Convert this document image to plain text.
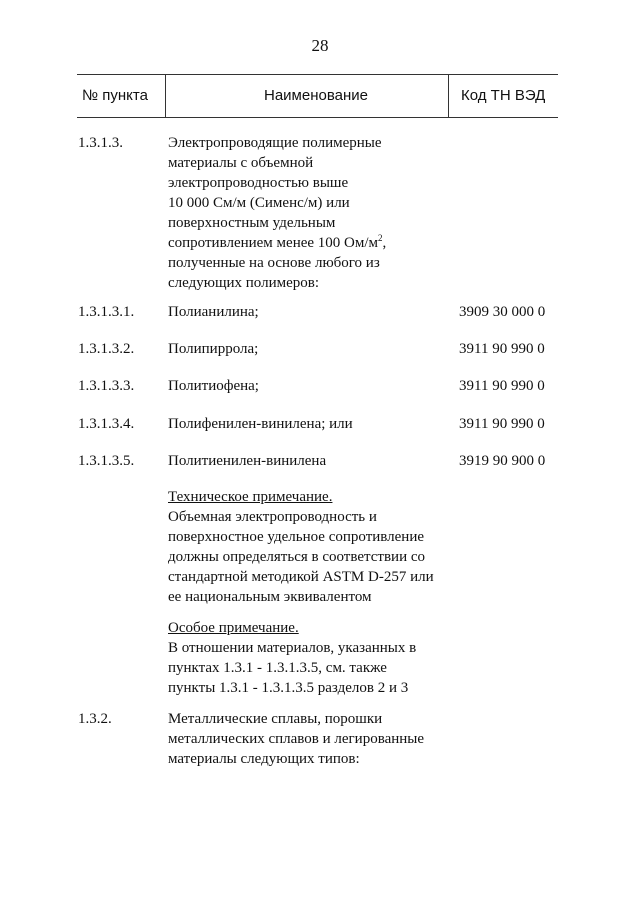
28
№ пункта	Наименование	Код ТН ВЭД
1.3.1.3.	Электропроводящие полимерные
материалы с объемной
электропроводностью выше
10 000 См/м (Сименс/м) или
поверхностным удельным
сопротивлением менее 100 $Ом/м^2$,
полученные на основе любого из
следующих полимеров:
1.3.1.3.1. Полианилина;	3909 30 000 0
1.3.1.3.2. Полипиррола;	3911 90 990 0
1.3.1.3.3. Политиофена;	3911 90 990 0
1.3.1.3.4. Полифенилен-винилена; или	3911 90 990 0
1.3.1.3.5. Политиенилен-винилена	3919 90 900 0
Техническое примечание.
Объемная электропроводность и
поверхностное удельное сопротивление
должны определяться в соответствии со
стандартной методикой ASTM D-257 или
ее национальным эквивалентом
Особое примечание.
В отношении материалов, указанных в
пунктах 1.3.1 - 1.3.1.3.5, см. также
пункты 1.3.1 - 1.3.1.3.5 разделов 2 и 3
1.3.2.	Металлические сплавы, порошки
металлических сплавов и легированные
материалы следующих типов:
